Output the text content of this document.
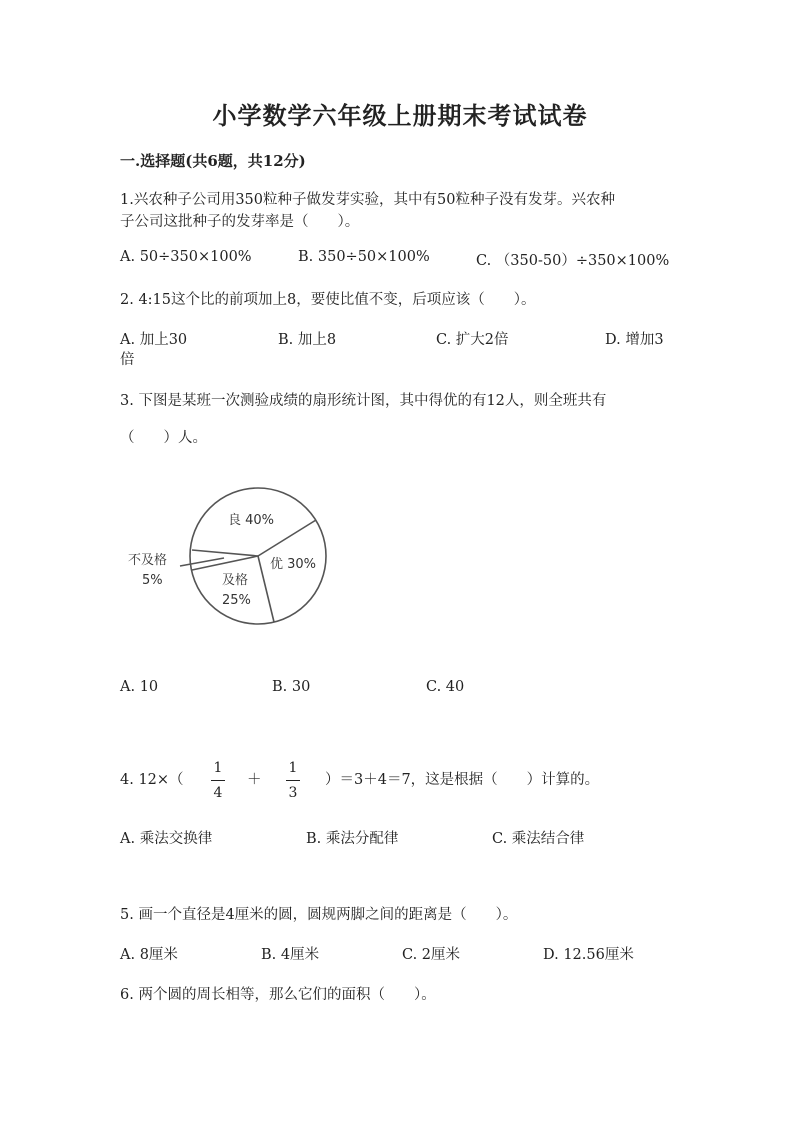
小学数学六年级上册期末考试试卷
一.选择题(共6题，共12分)
1.兴农种子公司用350粒种子做发芽实验，其中有50粒种子没有发芽。兴农种
子公司这批种子的发芽率是（　　）。
A. 50÷350×100%	B. 350÷50×100%	C. （350-50）÷350×100%
2. 4:15这个比的前项加上8，要使比值不变，后项应该（　　）。
A. 加上30	B. 加上8	C. 扩大2倍	D. 增加3
倍
3. 下图是某班一次测验成绩的扇形统计图，其中得优的有12人，则全班共有
（　　）人。
良 40%
优 30%
及格
25%
不及格
5%
A. 10	B. 30	C. 40
4. 12×（
1
4
＋
1
3
）＝3＋4＝7，这是根据（　　）计算的。
A. 乘法交换律	B. 乘法分配律	C. 乘法结合律
5. 画一个直径是4厘米的圆，圆规两脚之间的距离是（　　）。
A. 8厘米	B. 4厘米	C. 2厘米	D. 12.56厘米
6. 两个圆的周长相等，那么它们的面积（　　）。
